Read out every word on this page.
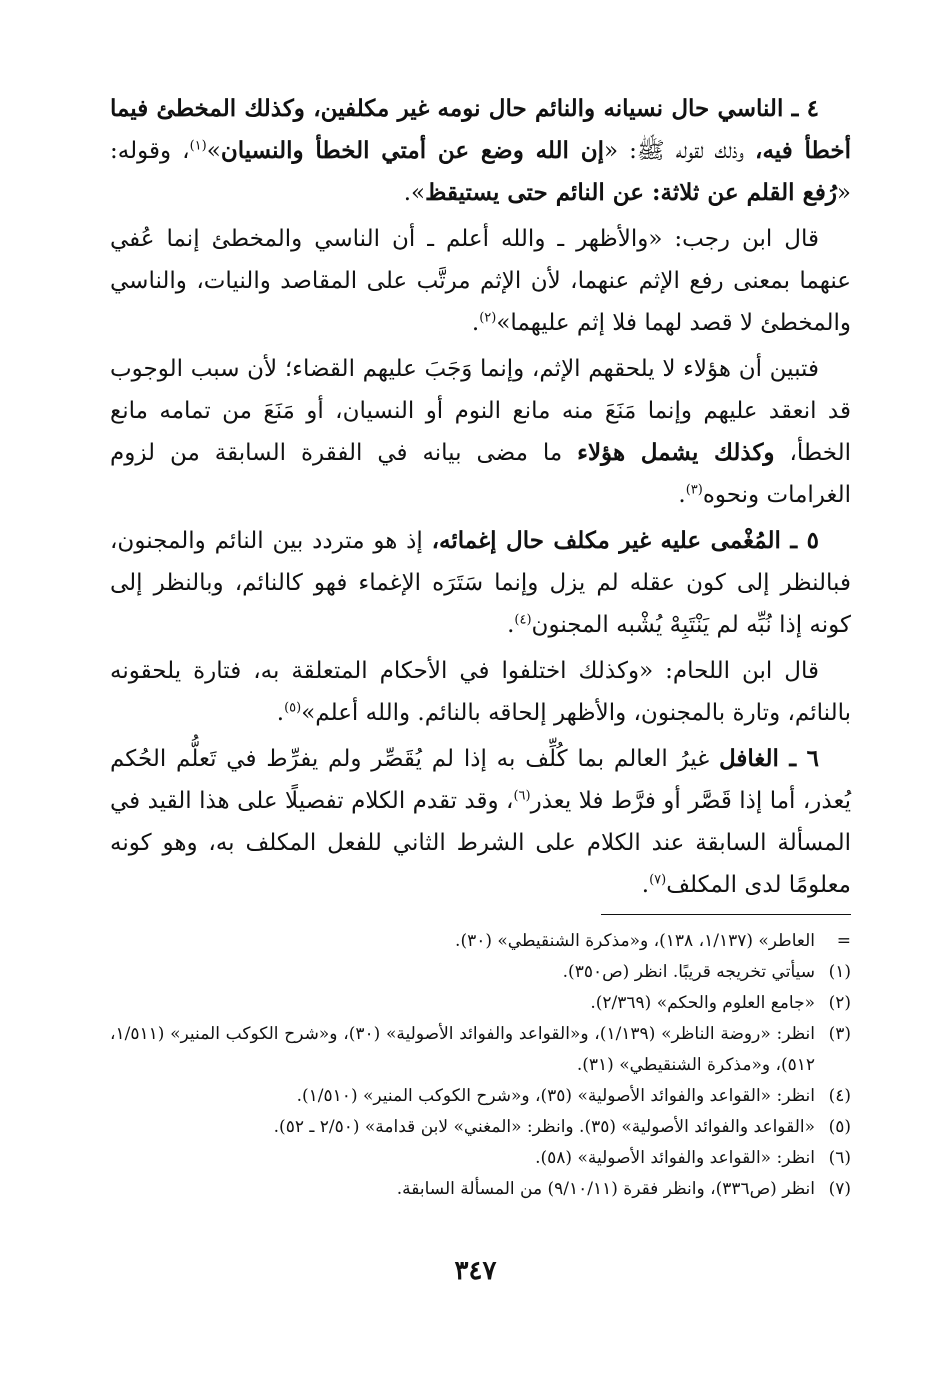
٤ ـ الناسي حال نسيانه والنائم حال نومه غير مكلفين، وكذلك المخطئ فيما أخطأ فيه، وذلك لقوله ﷺ: «إن الله وضع عن أمتي الخطأ والنسيان»$^{(١)}$، وقوله: «رُفع القلم عن ثلاثة: عن النائم حتى يستيقظ».

قال ابن رجب: «والأظهر ـ والله أعلم ـ أن الناسي والمخطئ إنما عُفي عنهما بمعنى رفع الإثم عنهما، لأن الإثم مرتَّب على المقاصد والنيات، والناسي والمخطئ لا قصد لهما فلا إثم عليهما»$^{(٢)}$.

فتبين أن هؤلاء لا يلحقهم الإثم، وإنما وَجَبَ عليهم القضاء؛ لأن سبب الوجوب قد انعقد عليهم وإنما مَنَعَ منه مانع النوم أو النسيان، أو مَنَعَ من تمامه مانع الخطأ، وكذلك يشمل هؤلاء ما مضى بيانه في الفقرة السابقة من لزوم الغرامات ونحوه$^{(٣)}$.

٥ ـ المُغْمى عليه غير مكلف حال إغمائه، إذ هو متردد بين النائم والمجنون، فبالنظر إلى كون عقله لم يزل وإنما سَتَرَه الإغماء فهو كالنائم، وبالنظر إلى كونه إذا نُبِّه لم يَنْتَبِهْ يُشْبه المجنون$^{(٤)}$.

قال ابن اللحام: «وكذلك اختلفوا في الأحكام المتعلقة به، فتارة يلحقونه بالنائم، وتارة بالمجنون، والأظهر إلحاقه بالنائم. والله أعلم»$^{(٥)}$.

٦ ـ الغافل غيرُ العالم بما كُلِّف به إذا لم يُقَصِّر ولم يفرِّط في تَعلُّم الحُكم يُعذر، أما إذا قَصَّر أو فرَّط فلا يعذر$^{(٦)}$، وقد تقدم الكلام تفصيلًا على هذا القيد في المسألة السابقة عند الكلام على الشرط الثاني للفعل المكلف به، وهو كونه معلومًا لدى المكلف$^{(٧)}$.

=
العاطر» (١/١٣٧، ١٣٨)، و«مذكرة الشنقيطي» (٣٠).
(١)
سيأتي تخريجه قريبًا. انظر (ص٣٥٠).
(٢)
«جامع العلوم والحكم» (٢/٣٦٩).
(٣)
انظر: «روضة الناظر» (١/١٣٩)، و«القواعد والفوائد الأصولية» (٣٠)، و«شرح الكوكب المنير» (١/٥١١، ٥١٢)، و«مذكرة الشنقيطي» (٣١).
(٤)
انظر: «القواعد والفوائد الأصولية» (٣٥)، و«شرح الكوكب المنير» (١/٥١٠).
(٥)
«القواعد والفوائد الأصولية» (٣٥). وانظر: «المغني» لابن قدامة» (٢/٥٠ ـ ٥٢).
(٦)
انظر: «القواعد والفوائد الأصولية» (٥٨).
(٧)
انظر (ص٣٣٦)، وانظر فقرة (٩/١٠/١١) من المسألة السابقة.
٣٤٧
